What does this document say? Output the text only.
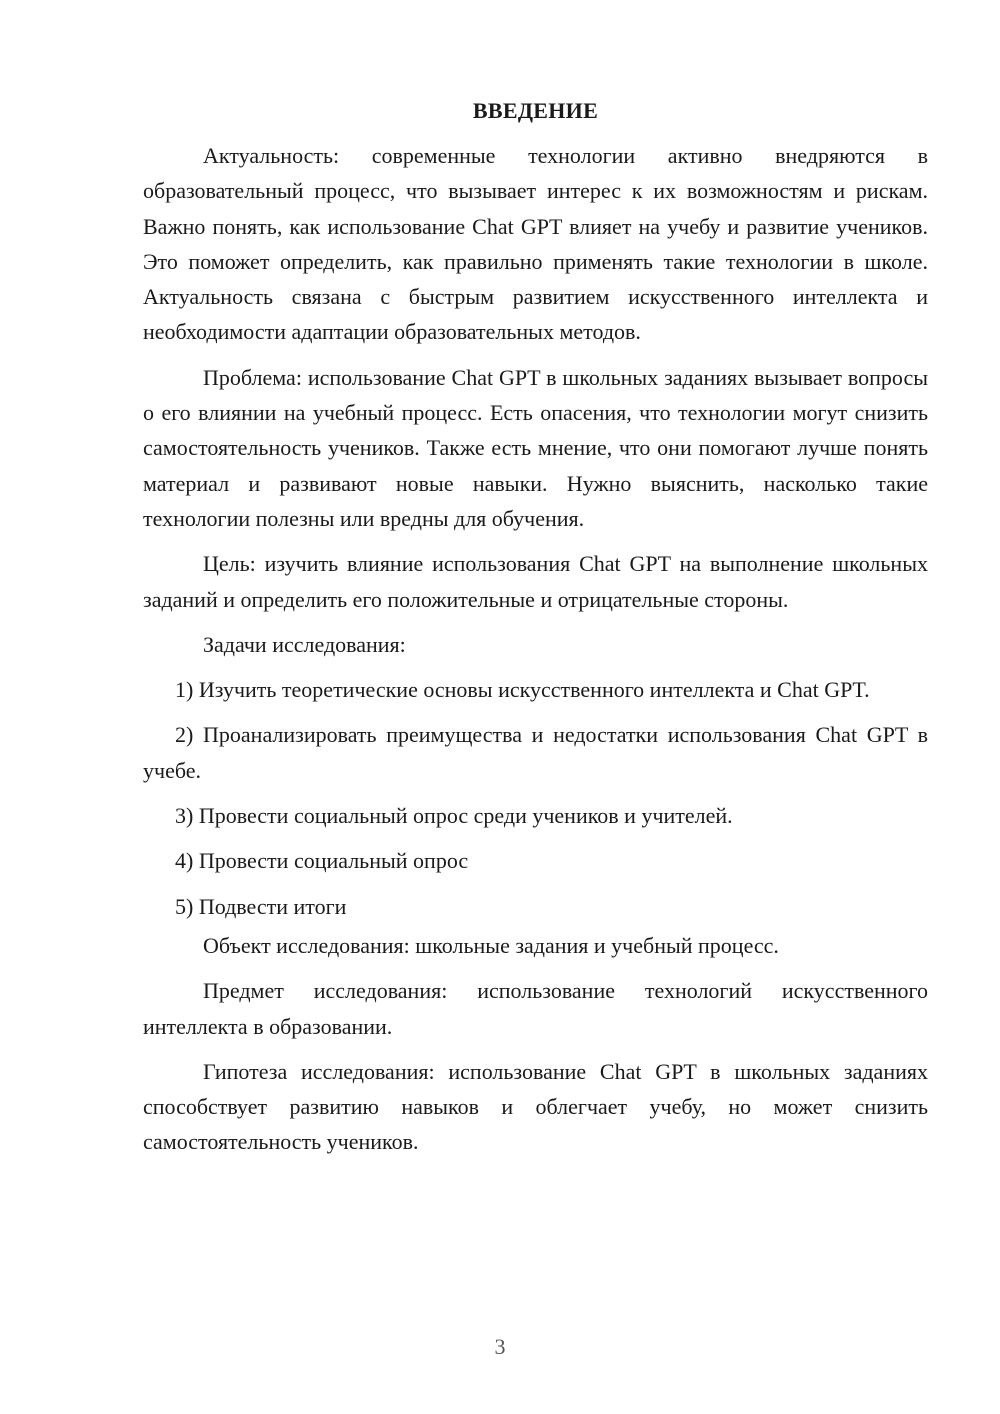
ВВЕДЕНИЕ

Актуальность: современные технологии активно внедряются в образовательный процесс, что вызывает интерес к их возможностям и рискам. Важно понять, как использование Chat GPT влияет на учебу и развитие учеников. Это поможет определить, как правильно применять такие технологии в школе. Актуальность связана с быстрым развитием искусственного интеллекта и необходимости адаптации образовательных методов.

Проблема: использование Chat GPT в школьных заданиях вызывает вопросы о его влиянии на учебный процесс. Есть опасения, что технологии могут снизить самостоятельность учеников. Также есть мнение, что они помогают лучше понять материал и развивают новые навыки. Нужно выяснить, насколько такие технологии полезны или вредны для обучения.

Цель: изучить влияние использования Chat GPT на выполнение школьных заданий и определить его положительные и отрицательные стороны.

Задачи исследования:

1) Изучить теоретические основы искусственного интеллекта и Chat GPT.

2) Проанализировать преимущества и недостатки использования Chat GPT в учебе.

3) Провести социальный опрос среди учеников и учителей.

4) Провести социальный опрос

5) Подвести итоги

Объект исследования: школьные задания и учебный процесс.

Предмет исследования: использование технологий искусственного интеллекта в образовании.

Гипотеза исследования: использование Chat GPT в школьных заданиях способствует развитию навыков и облегчает учебу, но может снизить самостоятельность учеников.

3
